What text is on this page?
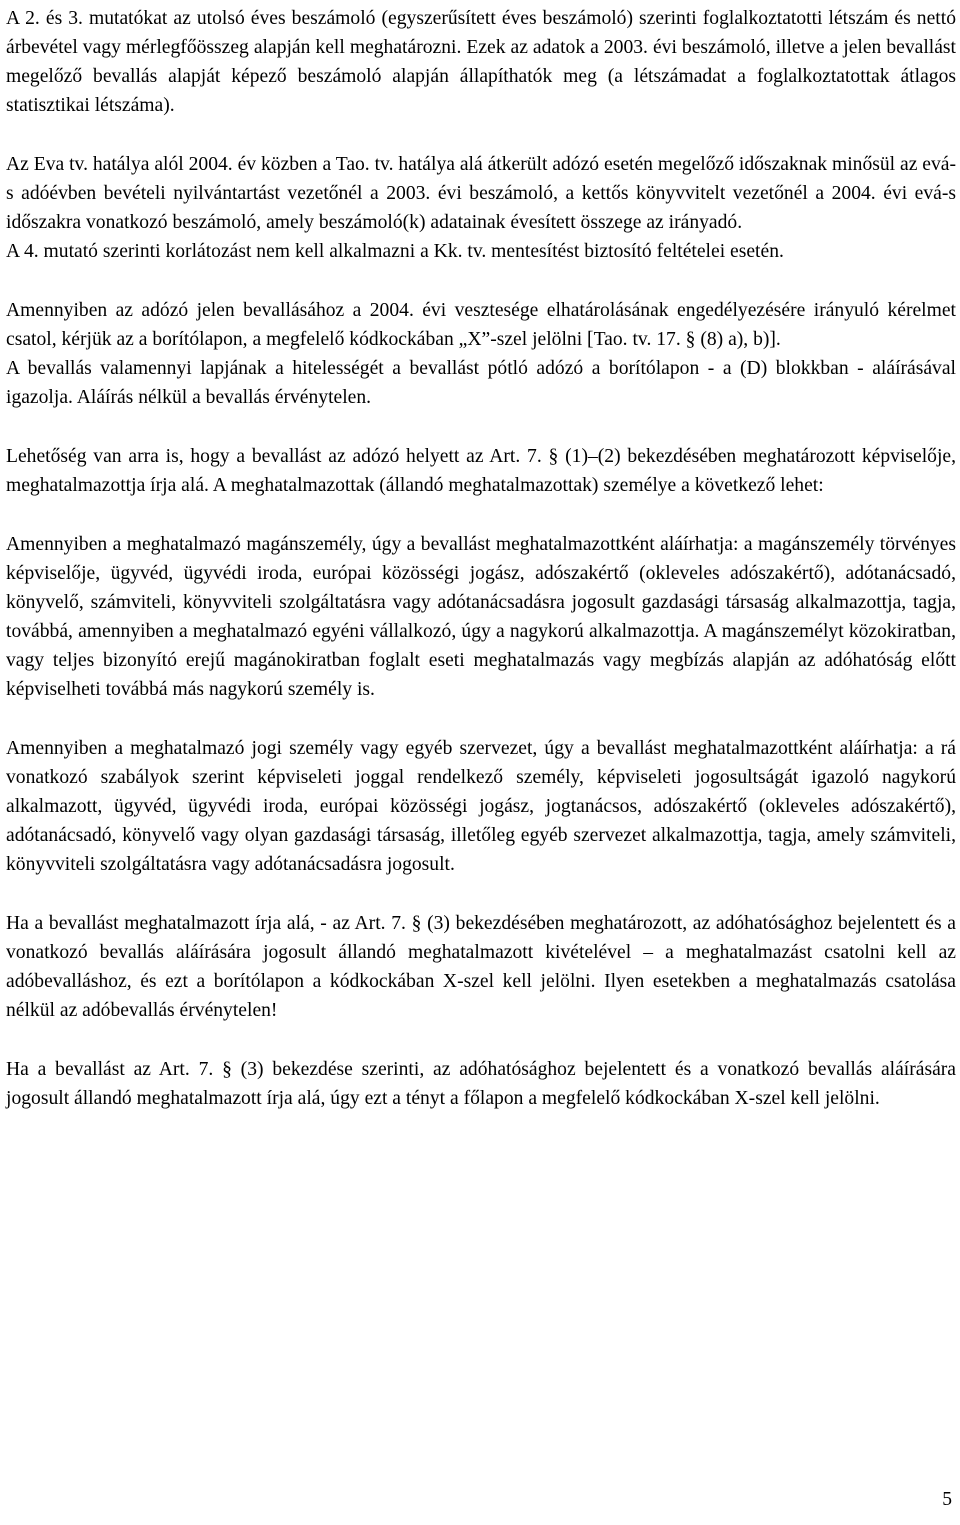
A 2. és 3. mutatókat az utolsó éves beszámoló (egyszerűsített éves beszámoló) szerinti foglalkoztatotti létszám és nettó árbevétel vagy mérlegfőösszeg alapján kell meghatározni. Ezek az adatok a 2003. évi beszámoló, illetve a jelen bevallást megelőző bevallás alapját képező beszámoló alapján állapíthatók meg (a létszámadat a foglalkoztatottak átlagos statisztikai létszáma).

Az Eva tv. hatálya alól 2004. év közben a Tao. tv. hatálya alá átkerült adózó esetén megelőző időszaknak minősül az evá-s adóévben bevételi nyilvántartást vezetőnél a 2003. évi beszámoló, a kettős könyvvitelt vezetőnél a 2004. évi evá-s időszakra vonatkozó beszámoló, amely beszámoló(k) adatainak évesített összege az irányadó.

A 4. mutató szerinti korlátozást nem kell alkalmazni a Kk. tv. mentesítést biztosító feltételei esetén.

Amennyiben az adózó jelen bevallásához a 2004. évi vesztesége elhatárolásának engedélyezésére irányuló kérelmet csatol, kérjük az a borítólapon, a megfelelő kódkockában „X”-szel jelölni [Tao. tv. 17. § (8) a), b)].

A bevallás valamennyi lapjának a hitelességét a bevallást pótló adózó a borítólapon - a (D) blokkban - aláírásával igazolja. Aláírás nélkül a bevallás érvénytelen.

Lehetőség van arra is, hogy a bevallást az adózó helyett az Art. 7. § (1)–(2) bekezdésében meghatározott képviselője, meghatalmazottja írja alá. A meghatalmazottak (állandó meghatalmazottak) személye a következő lehet:

Amennyiben a meghatalmazó magánszemély, úgy a bevallást meghatalmazottként aláírhatja: a magánszemély törvényes képviselője, ügyvéd, ügyvédi iroda, európai közösségi jogász, adószakértő (okleveles adószakértő), adótanácsadó, könyvelő, számviteli, könyvviteli szolgáltatásra vagy adótanácsadásra jogosult gazdasági társaság alkalmazottja, tagja, továbbá, amennyiben a meghatalmazó egyéni vállalkozó, úgy a nagykorú alkalmazottja. A magánszemélyt közokiratban, vagy teljes bizonyító erejű magánokiratban foglalt eseti meghatalmazás vagy megbízás alapján az adóhatóság előtt képviselheti továbbá más nagykorú személy is.

Amennyiben a meghatalmazó jogi személy vagy egyéb szervezet, úgy a bevallást meghatalmazottként aláírhatja: a rá vonatkozó szabályok szerint képviseleti joggal rendelkező személy, képviseleti jogosultságát igazoló nagykorú alkalmazott, ügyvéd, ügyvédi iroda, európai közösségi jogász, jogtanácsos, adószakértő (okleveles adószakértő), adótanácsadó, könyvelő vagy olyan gazdasági társaság, illetőleg egyéb szervezet alkalmazottja, tagja, amely számviteli, könyvviteli szolgáltatásra vagy adótanácsadásra jogosult.

Ha a bevallást meghatalmazott írja alá, - az Art. 7. § (3) bekezdésében meghatározott, az adóhatósághoz bejelentett és a vonatkozó bevallás aláírására jogosult állandó meghatalmazott kivételével – a meghatalmazást csatolni kell az adóbevalláshoz, és ezt a borítólapon a kódkockában X-szel kell jelölni. Ilyen esetekben a meghatalmazás csatolása nélkül az adóbevallás érvénytelen!

Ha a bevallást az Art. 7. § (3) bekezdése szerinti, az adóhatósághoz bejelentett és a vonatkozó bevallás aláírására jogosult állandó meghatalmazott írja alá, úgy ezt a tényt a főlapon a megfelelő kódkockában X-szel kell jelölni.

5
